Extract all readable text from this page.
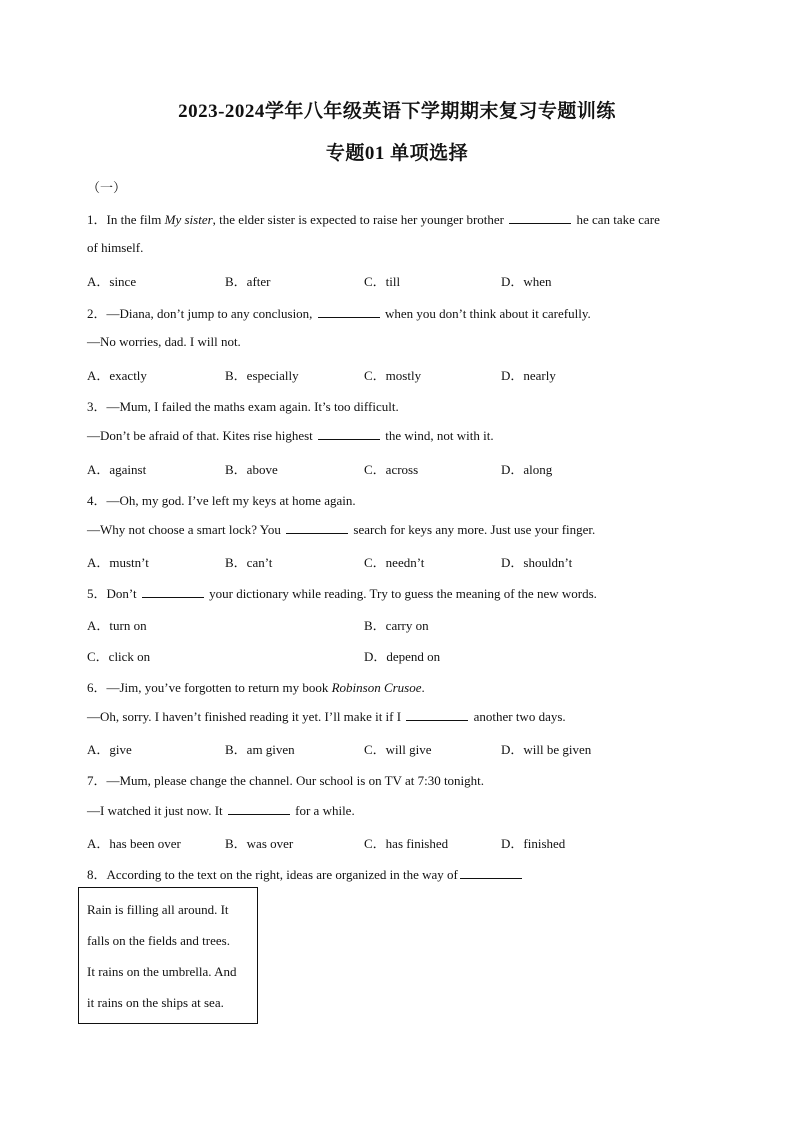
2023-2024学年八年级英语下学期期末复习专题训练
专题01 单项选择
（一）
1．In the film My sister, the elder sister is expected to raise her younger brother	he can take care
of himself.
A．since	B．after	C．till	D．when
2．—Diana, don’t jump to any conclusion,	when you don’t think about it carefully.
—No worries, dad. I will not.
A．exactly	B．especially	C．mostly	D．nearly
3．—Mum, I failed the maths exam again. It’s too difficult.
—Don’t be afraid of that. Kites rise highest	the wind, not with it.
A．against	B．above	C．across	D．along
4．—Oh, my god. I’ve left my keys at home again.
—Why not choose a smart lock? You	search for keys any more. Just use your finger.
A．mustn’t	B．can’t	C．needn’t	D．shouldn’t
5．Don’t	your dictionary while reading. Try to guess the meaning of the new words.
A．turn on	B．carry on
C．click on	D．depend on
6．—Jim, you’ve forgotten to return my book Robinson Crusoe.
—Oh, sorry. I haven’t finished reading it yet. I’ll make it if I	another two days.
A．give	B．am given	C．will give	D．will be given
7．—Mum, please change the channel. Our school is on TV at 7:30 tonight.
—I watched it just now. It	for a while.
A．has been over	B．was over	C．has finished	D．finished
8．According to the text on the right, ideas are organized in the way of
Rain is filling all around. It
falls on the fields and trees.
It rains on the umbrella. And
it rains on the ships at sea.
